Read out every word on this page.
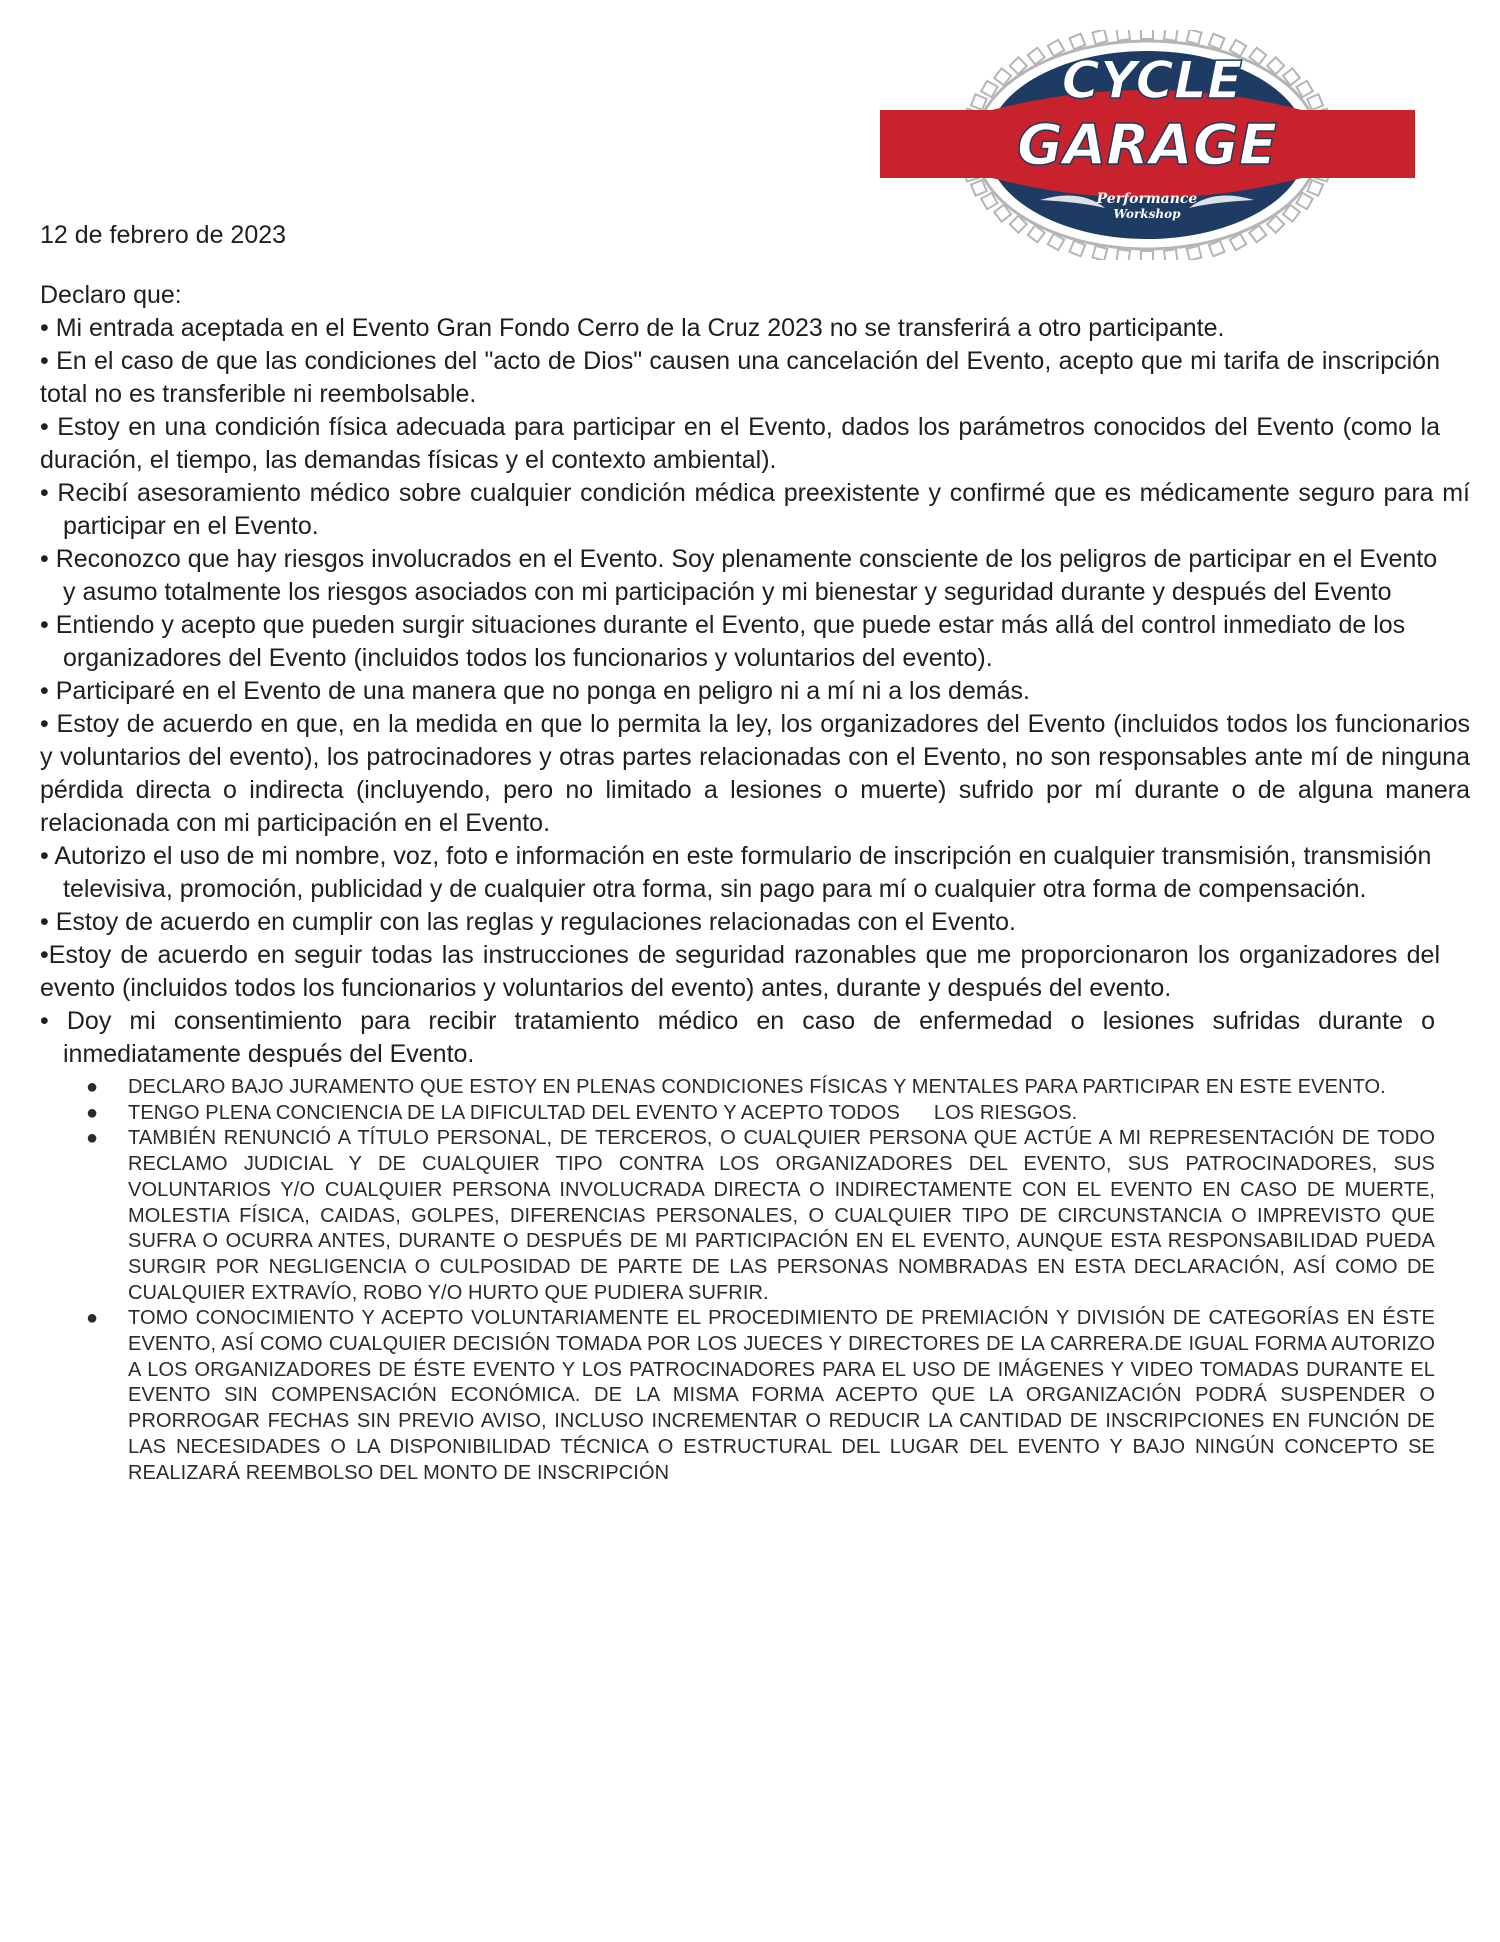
CYCLE
GARAGE
Performance
Workshop
12 de febrero de 2023

Declaro que:

• Mi entrada aceptada en el Evento Gran Fondo Cerro de la Cruz 2023 no se transferirá a otro participante.

• En el caso de que las condiciones del "acto de Dios" causen una cancelación del Evento, acepto que mi tarifa de inscripción total no es transferible ni reembolsable.

• Estoy en una condición física adecuada para participar en el Evento, dados los parámetros conocidos del Evento (como la duración, el tiempo, las demandas físicas y el contexto ambiental).

• Recibí asesoramiento médico sobre cualquier condición médica preexistente y confirmé que es médicamente seguro para mí participar en el Evento.

• Reconozco que hay riesgos involucrados en el Evento. Soy plenamente consciente de los peligros de participar en el Evento y asumo totalmente los riesgos asociados con mi participación y mi bienestar y seguridad durante y después del Evento

• Entiendo y acepto que pueden surgir situaciones durante el Evento, que puede estar más allá del control inmediato de los organizadores del Evento (incluidos todos los funcionarios y voluntarios del evento).

• Participaré en el Evento de una manera que no ponga en peligro ni a mí ni a los demás.

• Estoy de acuerdo en que, en la medida en que lo permita la ley, los organizadores del Evento (incluidos todos los funcionarios y voluntarios del evento), los patrocinadores y otras partes relacionadas con el Evento, no son responsables ante mí de ninguna pérdida directa o indirecta (incluyendo, pero no limitado a lesiones o muerte) sufrido por mí durante o de alguna manera relacionada con mi participación en el Evento.

• Autorizo el uso de mi nombre, voz, foto e información en este formulario de inscripción en cualquier transmisión, transmisión televisiva, promoción, publicidad y de cualquier otra forma, sin pago para mí o cualquier otra forma de compensación.

• Estoy de acuerdo en cumplir con las reglas y regulaciones relacionadas con el Evento.

•Estoy de acuerdo en seguir todas las instrucciones de seguridad razonables que me proporcionaron los organizadores del evento (incluidos todos los funcionarios y voluntarios del evento) antes, durante y después del evento.

• Doy mi consentimiento para recibir tratamiento médico en caso de enfermedad o lesiones sufridas durante o inmediatamente después del Evento.

● DECLARO BAJO JURAMENTO QUE ESTOY EN PLENAS CONDICIONES FÍSICAS Y MENTALES PARA PARTICIPAR EN ESTE EVENTO.
● TENGO PLENA CONCIENCIA DE LA DIFICULTAD DEL EVENTO Y ACEPTO TODOS      LOS RIESGOS.
● TAMBIÉN RENUNCIÓ A TÍTULO PERSONAL, DE TERCEROS, O CUALQUIER PERSONA QUE ACTÚE A MI REPRESENTACIÓN DE TODO RECLAMO JUDICIAL Y DE CUALQUIER TIPO CONTRA LOS ORGANIZADORES DEL EVENTO, SUS PATROCINADORES, SUS VOLUNTARIOS Y/O CUALQUIER PERSONA INVOLUCRADA DIRECTA O INDIRECTAMENTE CON EL EVENTO EN CASO DE MUERTE, MOLESTIA FÍSICA, CAIDAS, GOLPES, DIFERENCIAS PERSONALES, O CUALQUIER TIPO DE CIRCUNSTANCIA O IMPREVISTO QUE SUFRA O OCURRA ANTES, DURANTE O DESPUÉS DE MI PARTICIPACIÓN EN EL EVENTO, AUNQUE ESTA RESPONSABILIDAD PUEDA SURGIR POR NEGLIGENCIA O CULPOSIDAD DE PARTE DE LAS PERSONAS NOMBRADAS EN ESTA DECLARACIÓN, ASÍ COMO DE CUALQUIER EXTRAVÍO, ROBO Y/O HURTO QUE PUDIERA SUFRIR.
● TOMO CONOCIMIENTO Y ACEPTO VOLUNTARIAMENTE EL PROCEDIMIENTO DE PREMIACIÓN Y DIVISIÓN DE CATEGORÍAS EN ÉSTE EVENTO, ASÍ COMO CUALQUIER DECISIÓN TOMADA POR LOS JUECES Y DIRECTORES DE LA CARRERA.DE IGUAL FORMA AUTORIZO A LOS ORGANIZADORES DE ÉSTE EVENTO Y LOS PATROCINADORES PARA EL USO DE IMÁGENES Y VIDEO TOMADAS DURANTE EL EVENTO SIN COMPENSACIÓN ECONÓMICA. DE LA MISMA FORMA ACEPTO QUE LA ORGANIZACIÓN PODRÁ SUSPENDER O PRORROGAR FECHAS SIN PREVIO AVISO, INCLUSO INCREMENTAR O REDUCIR LA CANTIDAD DE INSCRIPCIONES EN FUNCIÓN DE LAS NECESIDADES O LA DISPONIBILIDAD TÉCNICA O ESTRUCTURAL DEL LUGAR DEL EVENTO Y BAJO NINGÚN CONCEPTO SE REALIZARÁ REEMBOLSO DEL MONTO DE INSCRIPCIÓN
